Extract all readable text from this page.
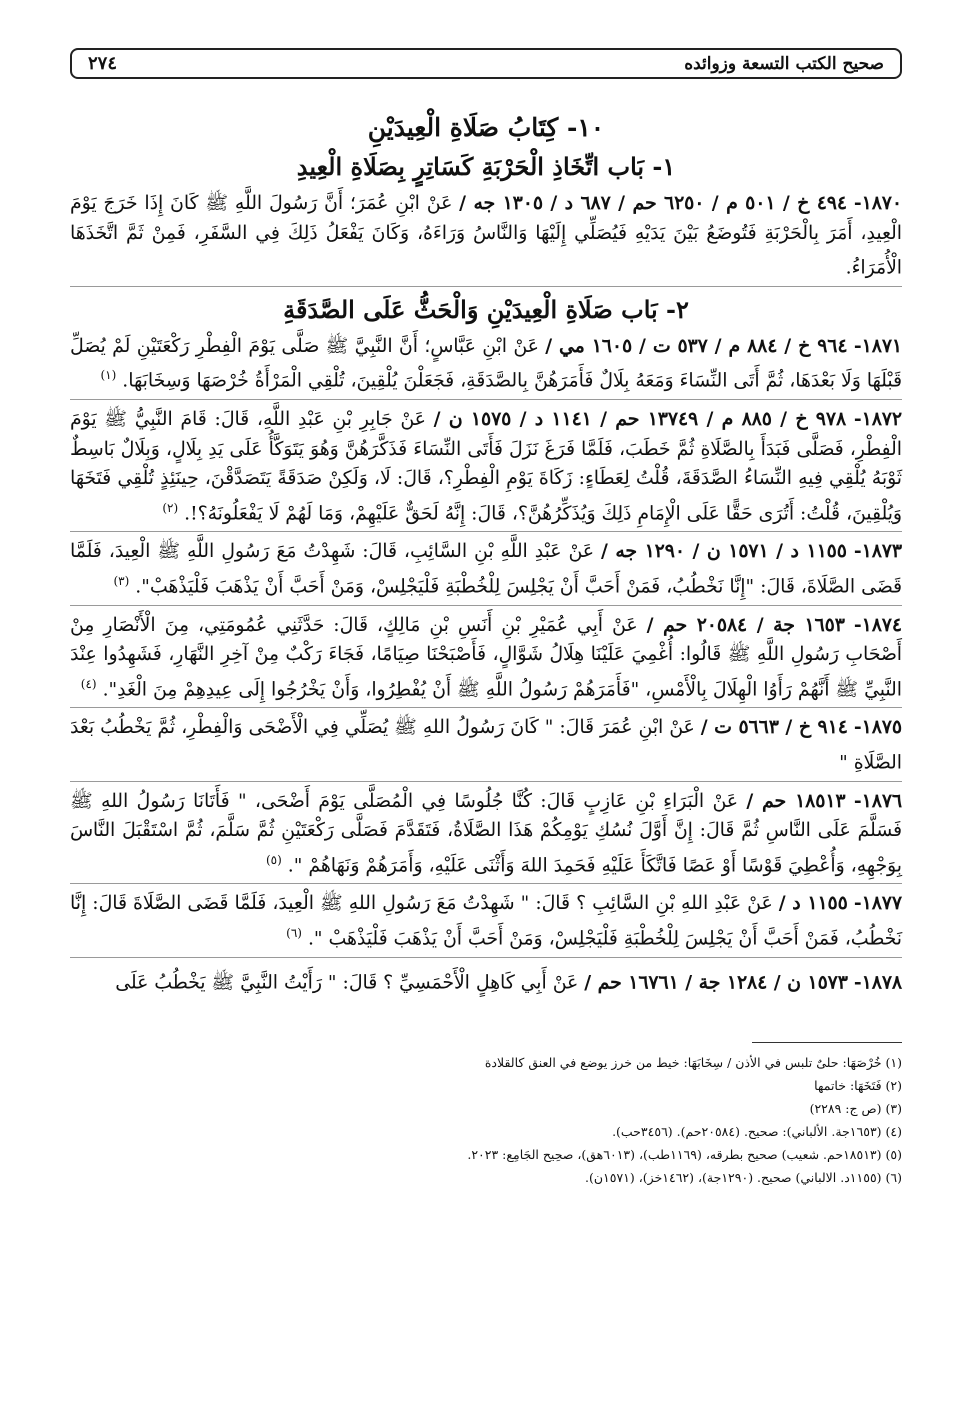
صحيح الكتب التسعة وزوائده
٢٧٤
١٠- كِتَابُ صَلَاةِ الْعِيدَيْنِ
١- بَاب اتِّخَاذِ الْحَرْبَةِ كَسَاتِرٍ بِصَلَاةِ الْعِيدِ

١٨٧٠- ٤٩٤ خ / ٥٠١ م / ٦٢٥٠ حم / ٦٨٧ د / ١٣٠٥ جه / عَنْ ابْنِ عُمَرَ؛ أَنَّ رَسُولَ اللَّهِ ﷺ كَانَ إِذَا خَرَجَ يَوْمَ الْعِيدِ، أَمَرَ بِالْحَرْبَةِ فَتُوضَعُ بَيْنَ يَدَيْهِ فَيُصَلِّي إِلَيْهَا وَالنَّاسُ وَرَاءَهُ، وَكَانَ يَفْعَلُ ذَلِكَ فِي السَّفَرِ، فَمِنْ ثَمَّ اتَّخَذَهَا الْأُمَرَاءُ.

٢- بَاب صَلَاةِ الْعِيدَيْنِ وَالْحَثُّ عَلَى الصَّدَقَةِ

١٨٧١- ٩٦٤ خ / ٨٨٤ م / ٥٣٧ ت / ١٦٠٥ مي / عَنْ ابْنِ عَبَّاسٍ؛ أَنَّ النَّبِيَّ ﷺ صَلَّى يَوْمَ الْفِطْرِ رَكْعَتَيْنِ لَمْ يُصَلِّ قَبْلَهَا وَلَا بَعْدَهَا، ثُمَّ أَتَى النِّسَاءَ وَمَعَهُ بِلَالٌ فَأَمَرَهُنَّ بِالصَّدَقَةِ، فَجَعَلْنَ يُلْقِينَ، تُلْقِي الْمَرْأَةُ خُرْصَهَا وَسِخَابَهَا. $^{(١)}$

١٨٧٢- ٩٧٨ خ / ٨٨٥ م / ١٣٧٤٩ حم / ١١٤١ د / ١٥٧٥ ن / عَنْ جَابِرِ بْنِ عَبْدِ اللَّهِ، قَالَ: قَامَ النَّبِيُّ ﷺ يَوْمَ الْفِطْرِ، فَصَلَّى فَبَدَأَ بِالصَّلَاةِ ثُمَّ خَطَبَ، فَلَمَّا فَرَغَ نَزَلَ فَأَتَى النِّسَاءَ فَذَكَّرَهُنَّ وَهُوَ يَتَوَكَّأُ عَلَى يَدِ بِلَالٍ، وَبِلَالٌ بَاسِطٌ ثَوْبَهُ يُلْقِي فِيهِ النِّسَاءُ الصَّدَقَةَ، قُلْتُ لِعَطَاءٍ: زَكَاةَ يَوْمِ الْفِطْرِ؟، قَالَ: لَا، وَلَكِنْ صَدَقَةً يَتَصَدَّقْنَ، حِينَئِذٍ تُلْقِي فَتَخَهَا وَيُلْقِينَ، قُلْتُ: أَتُرَى حَقًّا عَلَى الْإِمَامِ ذَلِكَ وَيُذَكِّرُهُنَّ؟، قَالَ: إِنَّهُ لَحَقٌّ عَلَيْهِمْ، وَمَا لَهُمْ لَا يَفْعَلُونَهُ؟!. $^{(٢)}$

١٨٧٣- ١١٥٥ د / ١٥٧١ ن / ١٢٩٠ جه / عَنْ عَبْدِ اللَّهِ بْنِ السَّائِبِ، قَالَ: شَهِدْتُ مَعَ رَسُولِ اللَّهِ ﷺ الْعِيدَ، فَلَمَّا قَضَى الصَّلَاةَ، قَالَ: "إِنَّا نَخْطُبُ، فَمَنْ أَحَبَّ أَنْ يَجْلِسَ لِلْخُطْبَةِ فَلْيَجْلِسْ، وَمَنْ أَحَبَّ أَنْ يَذْهَبَ فَلْيَذْهَبْ". $^{(٣)}$

١٨٧٤- ١٦٥٣ جة / ٢٠٥٨٤ حم / عَنْ أَبِي عُمَيْرِ بْنِ أَنَسِ بْنِ مَالِكٍ، قَالَ: حَدَّثَنِي عُمُومَتِي، مِنَ الْأَنْصَارِ مِنْ أَصْحَابِ رَسُولِ اللَّهِ ﷺ قَالُوا: أُغْمِيَ عَلَيْنَا هِلَالُ شَوَّالٍ، فَأَصْبَحْنَا صِيَامًا، فَجَاءَ رَكْبٌ مِنْ آخِرِ النَّهَارِ، فَشَهِدُوا عِنْدَ النَّبِيِّ ﷺ أَنَّهُمْ رَأَوُا الْهِلَالَ بِالْأَمْسِ، "فَأَمَرَهُمْ رَسُولُ اللَّهِ ﷺ أَنْ يُفْطِرُوا، وَأَنْ يَخْرُجُوا إِلَى عِيدِهِمْ مِنَ الْغَدِ". $^{(٤)}$

١٨٧٥- ٩١٤ خ / ٥٦٦٣ ت / عَنْ ابْنِ عُمَرَ قَالَ: " كَانَ رَسُولُ اللهِ ﷺ يُصَلِّي فِي الْأَضْحَى وَالْفِطْرِ، ثُمَّ يَخْطُبُ بَعْدَ الصَّلَاةِ "

١٨٧٦- ١٨٥١٣ حم / عَنْ الْبَرَاءِ بْنِ عَازِبٍ قَالَ: كُنَّا جُلُوسًا فِي الْمُصَلَّى يَوْمَ أَضْحَى، " فَأَتَانَا رَسُولُ اللهِ ﷺ فَسَلَّمَ عَلَى النَّاسِ ثُمَّ قَالَ: إِنَّ أَوَّلَ نُسُكِ يَوْمِكُمْ هَذَا الصَّلَاةُ، فَتَقَدَّمَ فَصَلَّى رَكْعَتَيْنِ ثُمَّ سَلَّمَ، ثُمَّ اسْتَقْبَلَ النَّاسَ بِوَجْهِهِ، وَأُعْطِيَ قَوْسًا أَوْ عَصًا فَاتَّكَأَ عَلَيْهِ فَحَمِدَ اللهَ وَأَثْنَى عَلَيْهِ، وَأَمَرَهُمْ وَنَهَاهُمْ ". $^{(٥)}$

١٨٧٧- ١١٥٥ د / عَنْ عَبْدِ اللهِ بْنِ السَّائِبِ ؟ قَالَ: " شَهِدْتُ مَعَ رَسُولِ اللهِ ﷺ الْعِيدَ، فَلَمَّا قَضَى الصَّلَاةَ قَالَ: إِنَّا نَخْطُبُ، فَمَنْ أَحَبَّ أَنْ يَجْلِسَ لِلْخُطْبَةِ فَلْيَجْلِسْ، وَمَنْ أَحَبَّ أَنْ يَذْهَبَ فَلْيَذْهَبْ ". $^{(٦)}$

١٨٧٨- ١٥٧٣ ن / ١٢٨٤ جة / ١٦٧٦١ حم / عَنْ أَبِي كَاهِلٍ الْأَحْمَسِيِّ ؟ قَالَ: " رَأَيْتُ النَّبِيَّ ﷺ يَخْطُبُ عَلَى

(١) خُرْصَهَا: حلىٌ تلبس في الأذن / سِخَابَهَا: خيط من خرز يوضع في العنق كالقلادة

(٢) فَتَخَهَا: خاتمها

(٣) (ص ج: ٢٢٨٩)

(٤) (١٦٥٣جة. الألباني): صحيح. (٢٠٥٨٤حم). (٣٤٥٦حب).

(٥) (١٨٥١٣حم. شعيب) صحيح بطرقه، (١١٦٩طب)، (٦٠١٣هق)، صحِيح الجَامِع: ٢٠٢٣.

(٦) (١١٥٥د. الالباني) صحيح. (١٢٩٠جة)، (١٤٦٢خز)، (١٥٧١ن).
